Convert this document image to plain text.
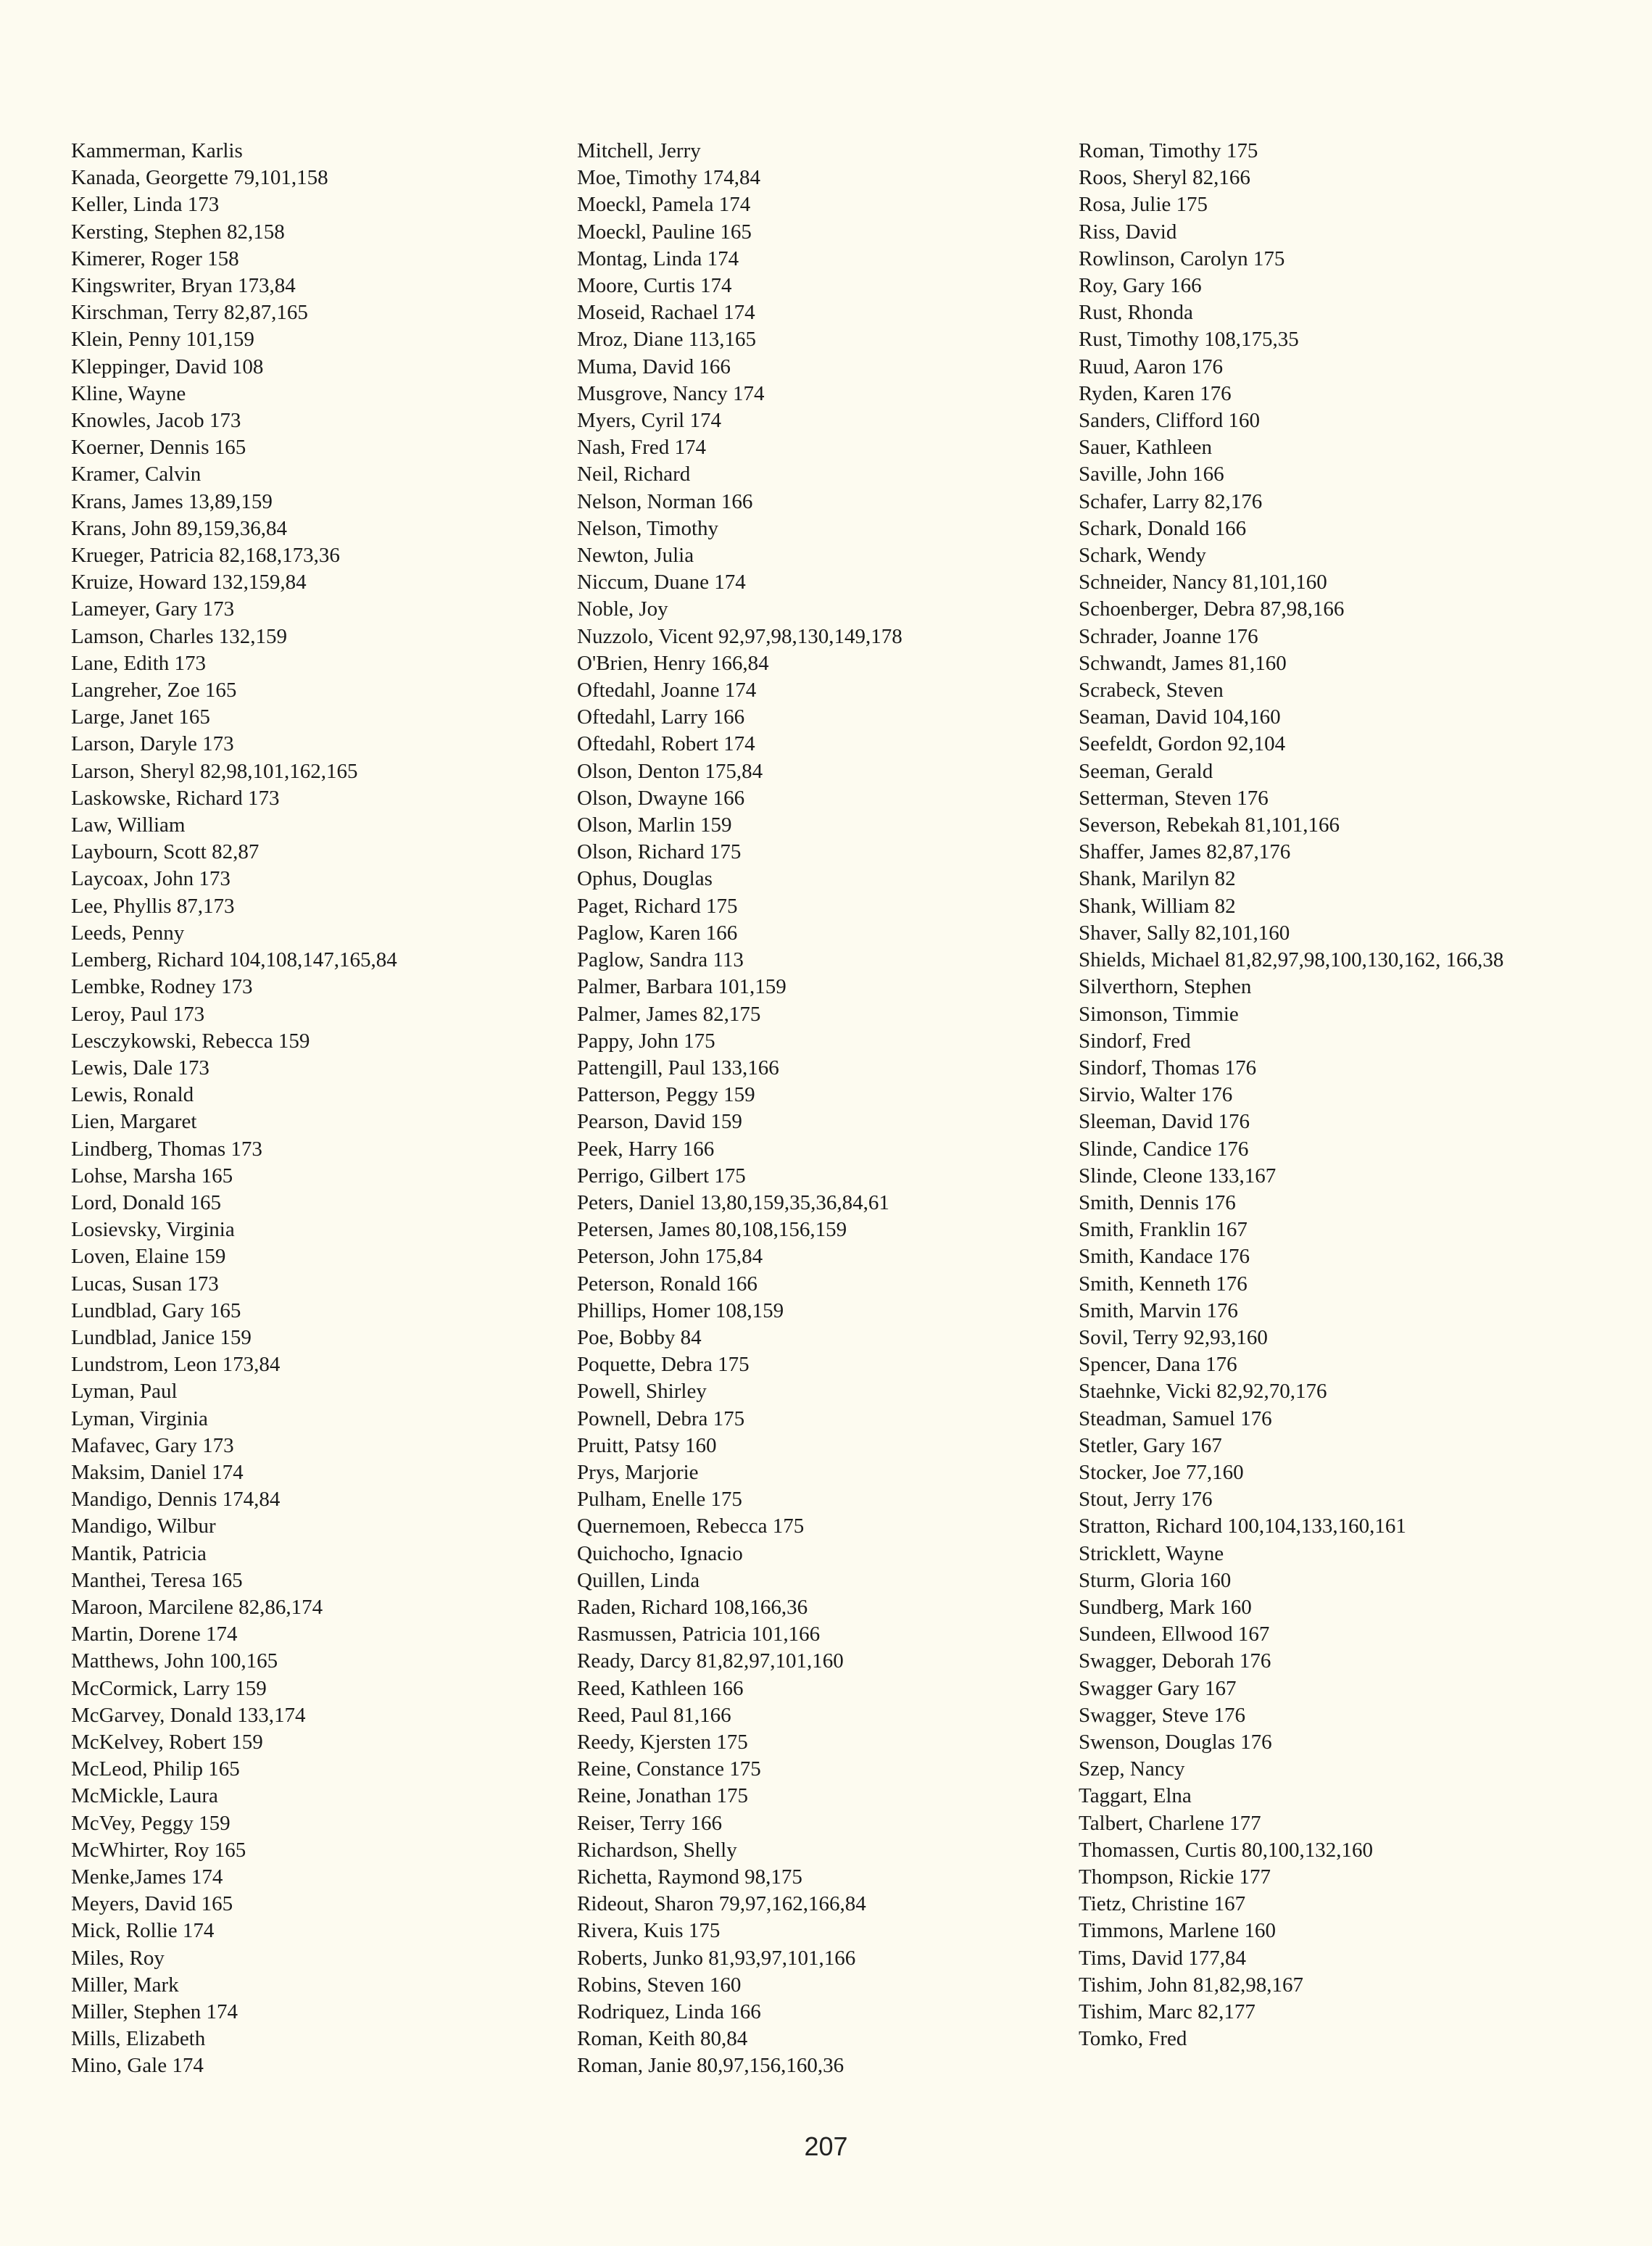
Kammerman, Karlis
Kanada, Georgette 79,101,158
Keller, Linda 173
Kersting, Stephen 82,158
Kimerer, Roger 158
Kingswriter, Bryan 173,84
Kirschman, Terry 82,87,165
Klein, Penny 101,159
Kleppinger, David 108
Kline, Wayne
Knowles, Jacob 173
Koerner, Dennis 165
Kramer, Calvin
Krans, James 13,89,159
Krans, John 89,159,36,84
Krueger, Patricia 82,168,173,36
Kruize, Howard 132,159,84
Lameyer, Gary 173
Lamson, Charles 132,159
Lane, Edith 173
Langreher, Zoe 165
Large, Janet 165
Larson, Daryle 173
Larson, Sheryl 82,98,101,162,165
Laskowske, Richard 173
Law, William
Laybourn, Scott 82,87
Laycoax, John 173
Lee, Phyllis 87,173
Leeds, Penny
Lemberg, Richard 104,108,147,165,84
Lembke, Rodney 173
Leroy, Paul 173
Lesczykowski, Rebecca 159
Lewis, Dale 173
Lewis, Ronald
Lien, Margaret
Lindberg, Thomas 173
Lohse, Marsha 165
Lord, Donald 165
Losievsky, Virginia
Loven, Elaine 159
Lucas, Susan 173
Lundblad, Gary 165
Lundblad, Janice 159
Lundstrom, Leon 173,84
Lyman, Paul
Lyman, Virginia
Mafavec, Gary 173
Maksim, Daniel 174
Mandigo, Dennis 174,84
Mandigo, Wilbur
Mantik, Patricia
Manthei, Teresa 165
Maroon, Marcilene 82,86,174
Martin, Dorene 174
Matthews, John 100,165
McCormick, Larry 159
McGarvey, Donald 133,174
McKelvey, Robert 159
McLeod, Philip 165
McMickle, Laura
McVey, Peggy 159
McWhirter, Roy 165
Menke,James 174
Meyers, David 165
Mick, Rollie 174
Miles, Roy
Miller, Mark
Miller, Stephen 174
Mills, Elizabeth
Mino, Gale 174
Mitchell, Jerry
Moe, Timothy 174,84
Moeckl, Pamela 174
Moeckl, Pauline 165
Montag, Linda 174
Moore, Curtis 174
Moseid, Rachael 174
Mroz, Diane 113,165
Muma, David 166
Musgrove, Nancy 174
Myers, Cyril 174
Nash, Fred 174
Neil, Richard
Nelson, Norman 166
Nelson, Timothy
Newton, Julia
Niccum, Duane 174
Noble, Joy
Nuzzolo, Vicent 92,97,98,130,149,178
O'Brien, Henry 166,84
Oftedahl, Joanne 174
Oftedahl, Larry 166
Oftedahl, Robert 174
Olson, Denton 175,84
Olson, Dwayne 166
Olson, Marlin 159
Olson, Richard 175
Ophus, Douglas
Paget, Richard 175
Paglow, Karen 166
Paglow, Sandra 113
Palmer, Barbara 101,159
Palmer, James 82,175
Pappy, John 175
Pattengill, Paul 133,166
Patterson, Peggy 159
Pearson, David 159
Peek, Harry 166
Perrigo, Gilbert 175
Peters, Daniel 13,80,159,35,36,84,61
Petersen, James 80,108,156,159
Peterson, John 175,84
Peterson, Ronald 166
Phillips, Homer 108,159
Poe, Bobby 84
Poquette, Debra 175
Powell, Shirley
Pownell, Debra 175
Pruitt, Patsy 160
Prys, Marjorie
Pulham, Enelle 175
Quernemoen, Rebecca 175
Quichocho, Ignacio
Quillen, Linda
Raden, Richard 108,166,36
Rasmussen, Patricia 101,166
Ready, Darcy 81,82,97,101,160
Reed, Kathleen 166
Reed, Paul 81,166
Reedy, Kjersten 175
Reine, Constance 175
Reine, Jonathan 175
Reiser, Terry 166
Richardson, Shelly
Richetta, Raymond 98,175
Rideout, Sharon 79,97,162,166,84
Rivera, Kuis 175
Roberts, Junko 81,93,97,101,166
Robins, Steven 160
Rodriquez, Linda 166
Roman, Keith 80,84
Roman, Janie 80,97,156,160,36
Roman, Timothy 175
Roos, Sheryl 82,166
Rosa, Julie 175
Riss, David
Rowlinson, Carolyn 175
Roy, Gary 166
Rust, Rhonda
Rust, Timothy 108,175,35
Ruud, Aaron 176
Ryden, Karen 176
Sanders, Clifford 160
Sauer, Kathleen
Saville, John 166
Schafer, Larry 82,176
Schark, Donald 166
Schark, Wendy
Schneider, Nancy 81,101,160
Schoenberger, Debra 87,98,166
Schrader, Joanne 176
Schwandt, James 81,160
Scrabeck, Steven
Seaman, David 104,160
Seefeldt, Gordon 92,104
Seeman, Gerald
Setterman, Steven 176
Severson, Rebekah 81,101,166
Shaffer, James 82,87,176
Shank, Marilyn 82
Shank, William 82
Shaver, Sally 82,101,160
Shields, Michael 81,82,97,98,100,130,162, 166,38
Silverthorn, Stephen
Simonson, Timmie
Sindorf, Fred
Sindorf, Thomas 176
Sirvio, Walter 176
Sleeman, David 176
Slinde, Candice 176
Slinde, Cleone 133,167
Smith, Dennis 176
Smith, Franklin 167
Smith, Kandace 176
Smith, Kenneth 176
Smith, Marvin 176
Sovil, Terry 92,93,160
Spencer, Dana 176
Staehnke, Vicki 82,92,70,176
Steadman, Samuel 176
Stetler, Gary 167
Stocker, Joe 77,160
Stout, Jerry 176
Stratton, Richard 100,104,133,160,161
Stricklett, Wayne
Sturm, Gloria 160
Sundberg, Mark 160
Sundeen, Ellwood 167
Swagger, Deborah 176
Swagger Gary 167
Swagger, Steve 176
Swenson, Douglas 176
Szep, Nancy
Taggart, Elna
Talbert, Charlene 177
Thomassen, Curtis 80,100,132,160
Thompson, Rickie 177
Tietz, Christine 167
Timmons, Marlene 160
Tims, David 177,84
Tishim, John 81,82,98,167
Tishim, Marc 82,177
Tomko, Fred
207
